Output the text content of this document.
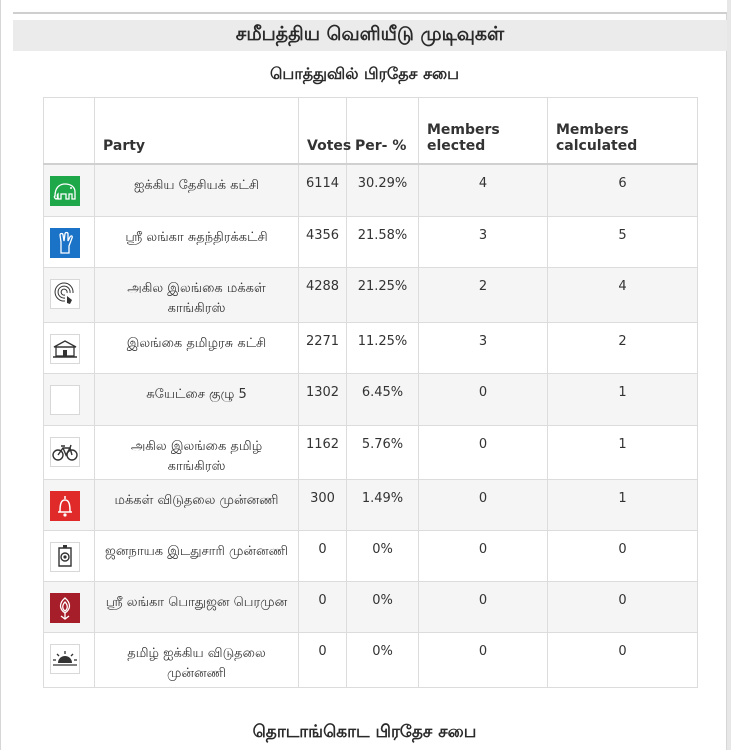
சமீபத்திய வெளியீடு முடிவுகள்
பொத்துவில் பிரதேச சபை
	Party	Votes	Per- %	Members elected	Members calculated

	ஐக்கிய தேசியக் கட்சி	6114	30.29%	4	6

	ஸ்ரீ லங்கா சுதந்திரக்கட்சி	4356	21.58%	3	5

	அகில இலங்கை மக்கள் காங்கிரஸ்	4288	21.25%	2	4

	இலங்கை தமிழரசு கட்சி	2271	11.25%	3	2

	சுயேட்சை குழு 5	1302	6.45%	0	1

	அகில இலங்கை தமிழ் காங்கிரஸ்	1162	5.76%	0	1

	மக்கள் விடுதலை முன்னணி	300	1.49%	0	1

	ஜனநாயக இடதுசாரி முன்னணி	0	0%	0	0

	ஸ்ரீ லங்கா பொதுஜன பெரமுன	0	0%	0	0

	தமிழ் ஐக்கிய விடுதலை முன்னணி	0	0%	0	0
தொடாங்கொட பிரதேச சபை
